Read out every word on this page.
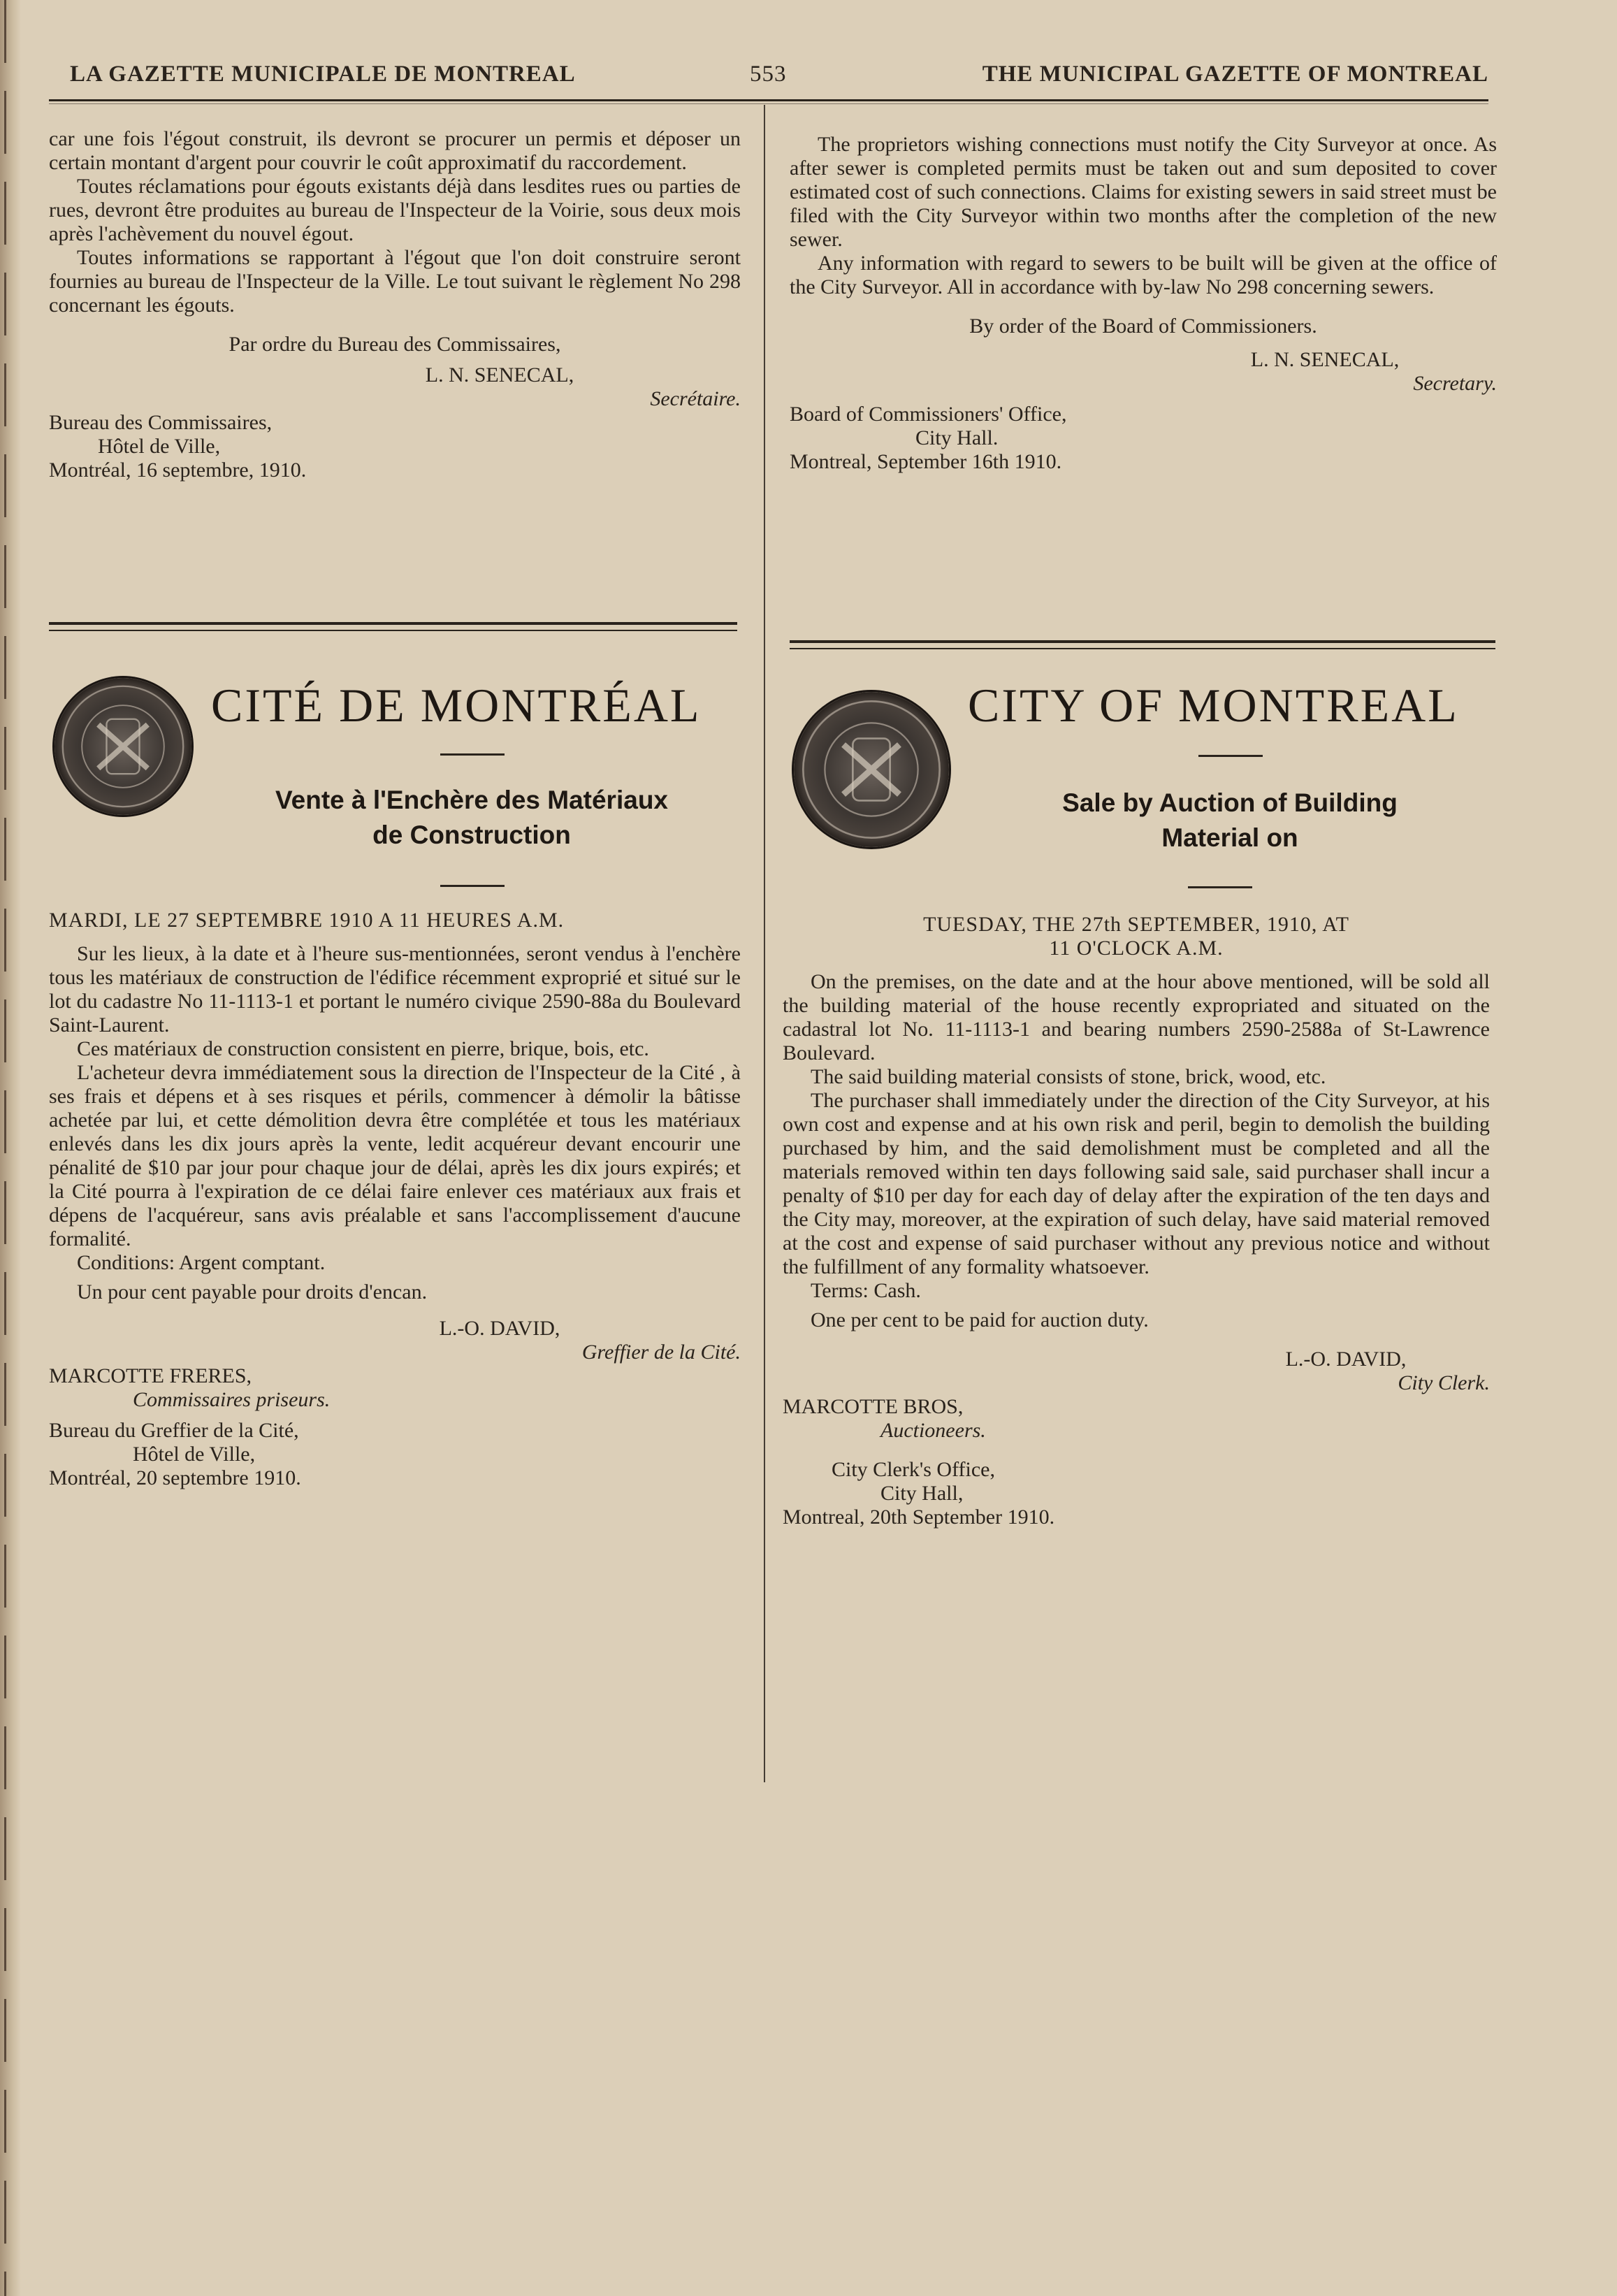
LA GAZETTE MUNICIPALE DE MONTREAL	553	THE MUNICIPAL GAZETTE OF MONTREAL

car une fois l'égout construit, ils devront se procurer un permis et déposer un certain montant d'argent pour couvrir le coût approximatif du raccordement.

Toutes réclamations pour égouts existants déjà dans lesdites rues ou parties de rues, devront être produites au bureau de l'Inspecteur de la Voirie, sous deux mois après l'achèvement du nouvel égout.

Toutes informations se rapportant à l'égout que l'on doit construire seront fournies au bureau de l'Inspecteur de la Ville. Le tout suivant le règlement No 298 concernant les égouts.

Par ordre du Bureau des Commissaires,
L. N. SENECAL,
Secrétaire.
Bureau des Commissaires,
Hôtel de Ville,
Montréal, 16 septembre, 1910.

The proprietors wishing connections must notify the City Surveyor at once. As after sewer is completed permits must be taken out and sum deposited to cover estimated cost of such connections. Claims for existing sewers in said street must be filed with the City Surveyor within two months after the completion of the new sewer.

Any information with regard to sewers to be built will be given at the office of the City Surveyor. All in accordance with by-law No 298 concerning sewers.

By order of the Board of Commissioners.
L. N. SENECAL,
Secretary.
Board of Commissioners' Office,
City Hall.
Montreal, September 16th 1910.
CITÉ DE MONTRÉAL
Vente à l'Enchère des Matériaux
de Construction
MARDI, LE 27 SEPTEMBRE 1910 A 11 HEURES A.M.

Sur les lieux, à la date et à l'heure sus-mentionnées, seront vendus à l'enchère tous les matériaux de construction de l'édifice récemment exproprié et situé sur le lot du cadastre No 11-1113-1 et portant le numéro civique 2590-88a du Boulevard Saint-Laurent.

Ces matériaux de construction consistent en pierre, brique, bois, etc.

L'acheteur devra immédiatement sous la direction de l'Inspecteur de la Cité , à ses frais et dépens et à ses risques et périls, commencer à démolir la bâtisse achetée par lui, et cette démolition devra être complétée et tous les matériaux enlevés dans les dix jours après la vente, ledit acquéreur devant encourir une pénalité de $10 par jour pour chaque jour de délai, après les dix jours expirés; et la Cité pourra à l'expiration de ce délai faire enlever ces matériaux aux frais et dépens de l'acquéreur, sans avis préalable et sans l'accomplissement d'aucune formalité.

Conditions: Argent comptant.

Un pour cent payable pour droits d'encan.

L.-O. DAVID,
Greffier de la Cité.
MARCOTTE FRERES,
Commissaires priseurs.
Bureau du Greffier de la Cité,
Hôtel de Ville,
Montréal, 20 septembre 1910.
CITY OF MONTREAL
Sale by Auction of Building
Material on
TUESDAY, THE 27th SEPTEMBER, 1910, AT
11 O'CLOCK A.M.

On the premises, on the date and at the hour above mentioned, will be sold all the building material of the house recently expropriated and situated on the cadastral lot No. 11-1113-1 and bearing numbers 2590-2588a of St-Lawrence Boulevard.

The said building material consists of stone, brick, wood, etc.

The purchaser shall immediately under the direction of the City Surveyor, at his own cost and expense and at his own risk and peril, begin to demolish the building purchased by him, and the said demolishment must be completed and all the materials removed within ten days following said sale, said purchaser shall incur a penalty of $10 per day for each day of delay after the expiration of the ten days and the City may, moreover, at the expiration of such delay, have said material removed at the cost and expense of said purchaser without any previous notice and without the fulfillment of any formality whatsoever.

Terms: Cash.

One per cent to be paid for auction duty.

L.-O. DAVID,
City Clerk.
MARCOTTE BROS,
Auctioneers.
City Clerk's Office,
City Hall,
Montreal, 20th September 1910.
